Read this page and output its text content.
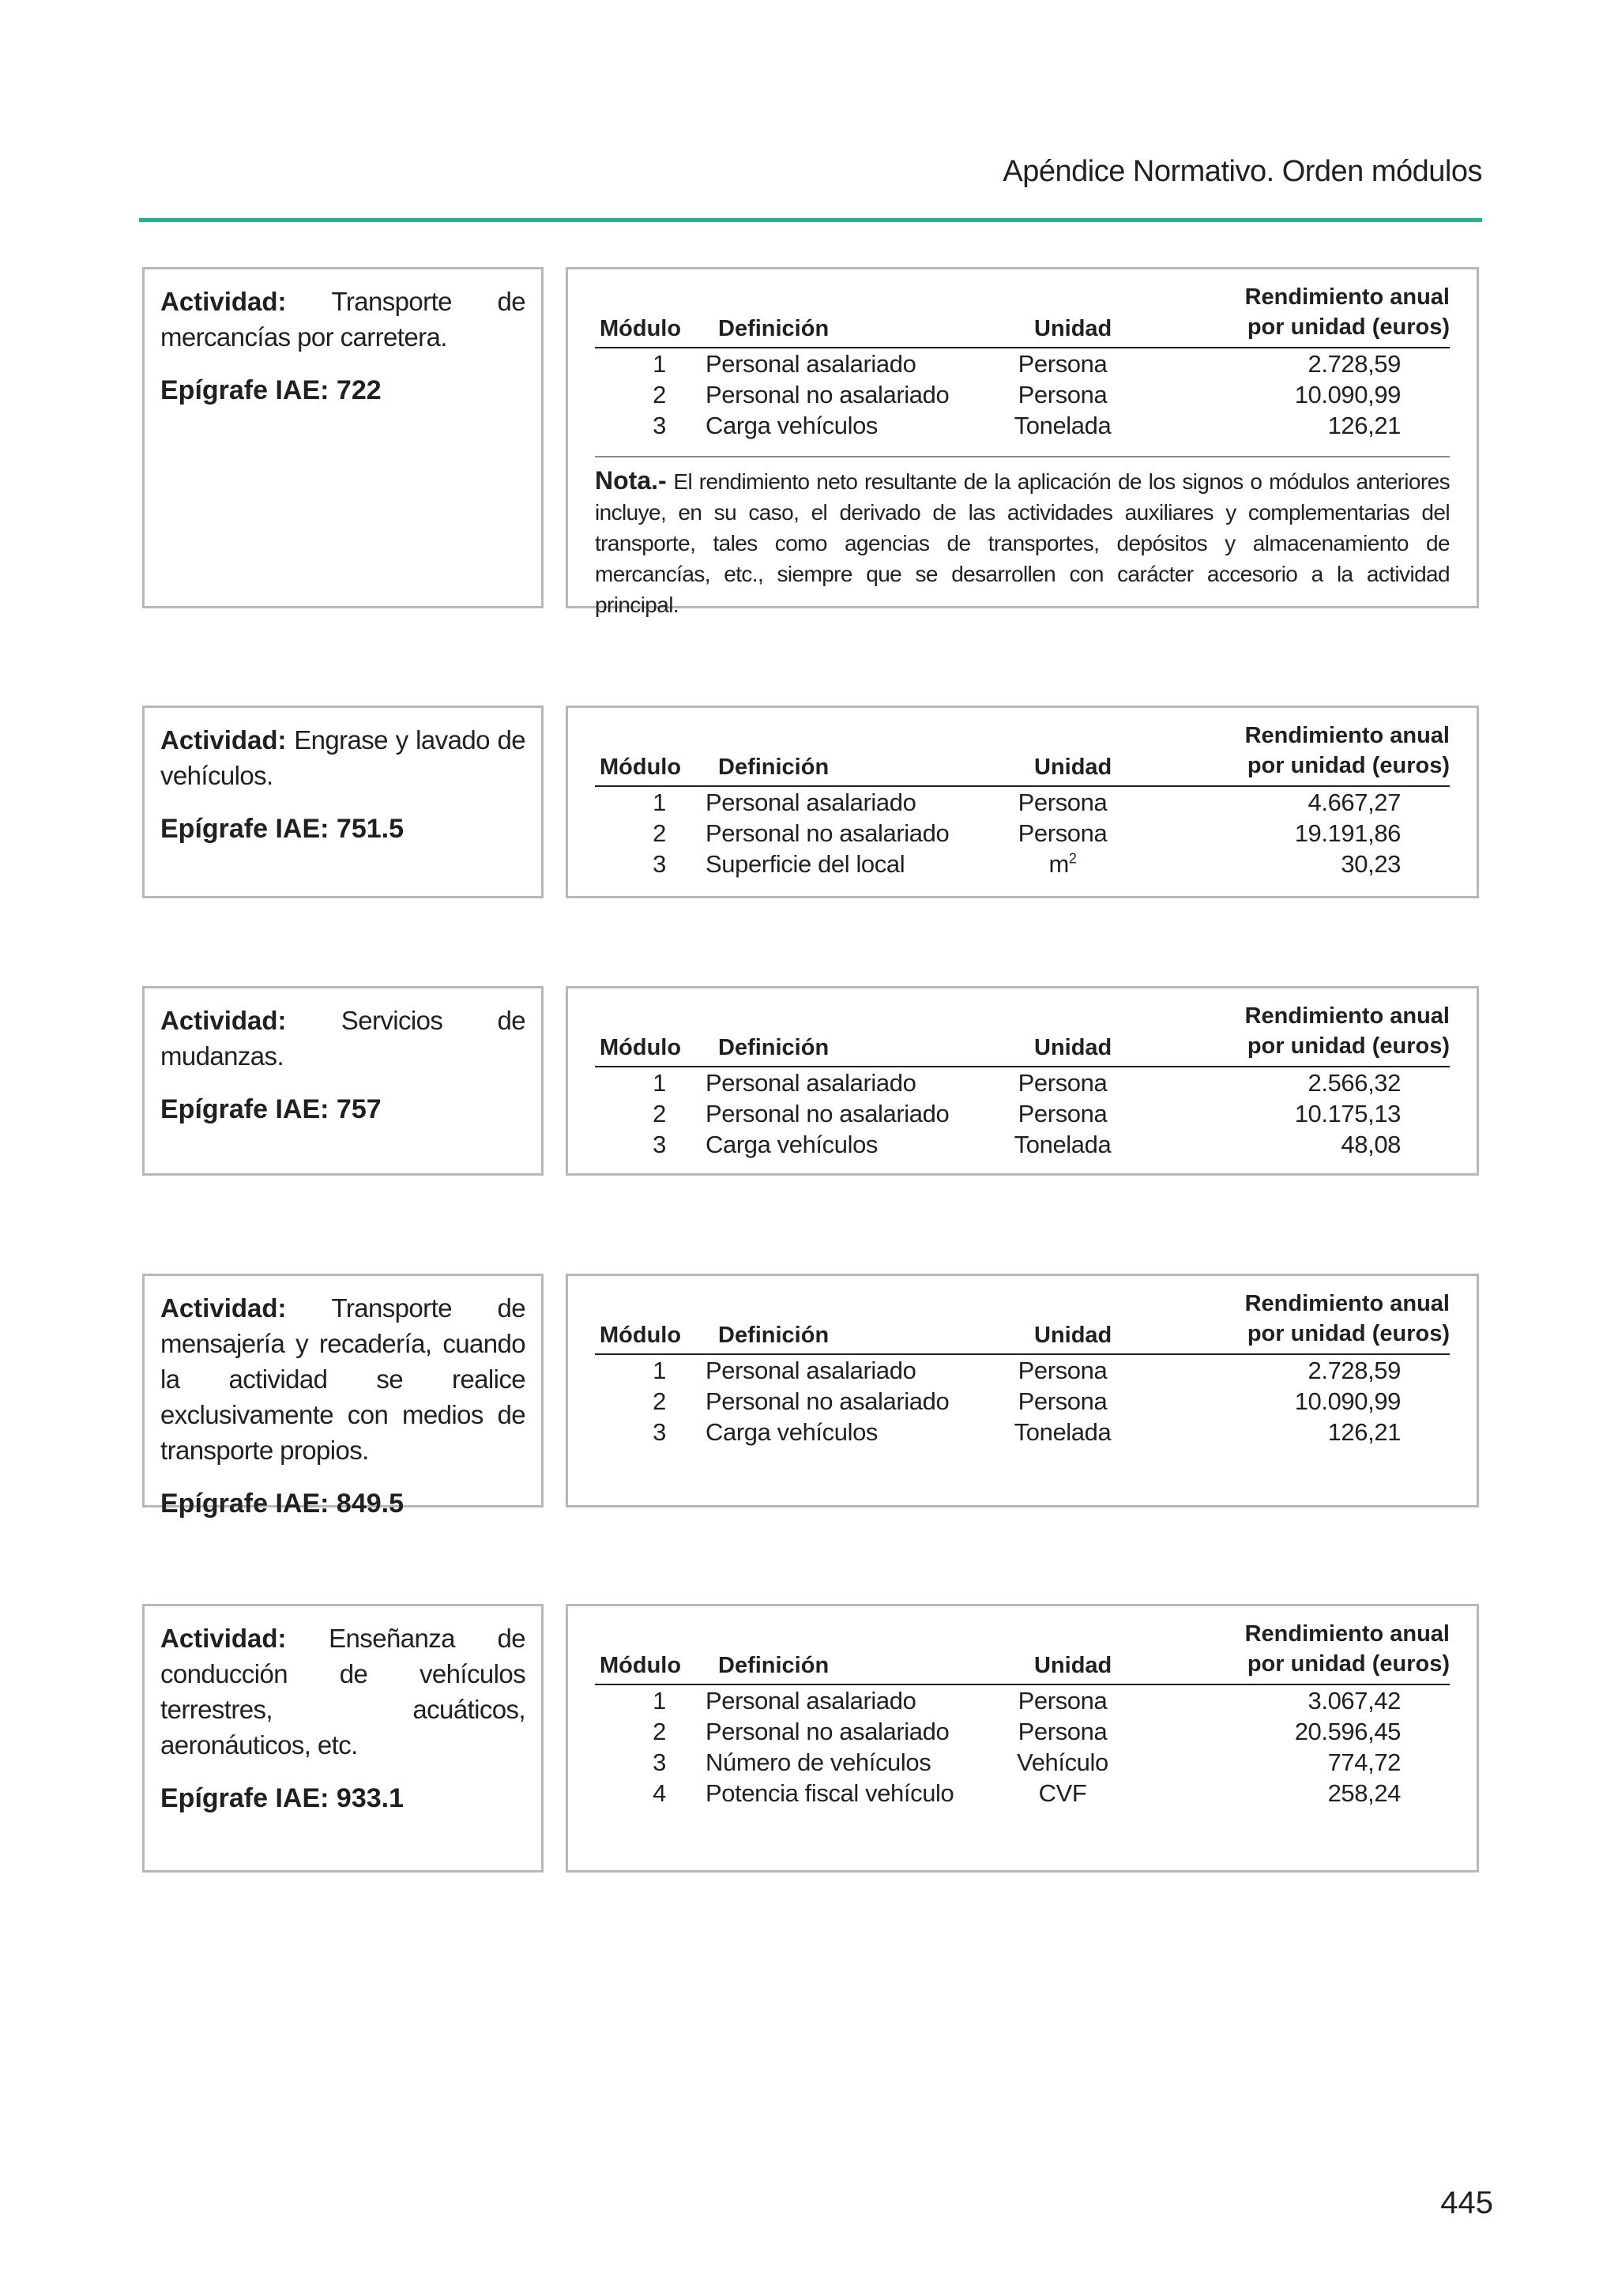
Apéndice Normativo. Orden módulos

Actividad: Transporte de mercancías por carretera.

Epígrafe IAE: 722
Módulo Definición	Unidad
Rendimiento anual
por unidad (euros)
1 Personal asalariado	Persona	2.728,59
2 Personal no asalariado	Persona	10.090,99
3 Carga vehículos	Tonelada	126,21
Nota.- El rendimiento neto resultante de la aplicación de los signos o módulos anteriores incluye, en su caso, el derivado de las actividades auxiliares y complementarias del transporte, tales como agencias de transportes, depósitos y almacenamiento de mercancías, etc., siempre que se desarrollen con carácter accesorio a la actividad principal.

Actividad: Engrase y lavado de vehículos.

Epígrafe IAE: 751.5
Módulo Definición	Unidad
Rendimiento anual
por unidad (euros)
1 Personal asalariado	Persona	4.667,27
2 Personal no asalariado	Persona	19.191,86
3 Superficie del local	$m^2$	30,23

Actividad: Servicios de mudanzas.

Epígrafe IAE: 757
Módulo Definición	Unidad
Rendimiento anual
por unidad (euros)
1 Personal asalariado	Persona	2.566,32
2 Personal no asalariado	Persona	10.175,13
3 Carga vehículos	Tonelada	48,08

Actividad: Transporte de mensajería y recadería, cuando la actividad se realice exclusivamente con medios de transporte propios.

Epígrafe IAE: 849.5
Módulo Definición	Unidad
Rendimiento anual
por unidad (euros)
1 Personal asalariado	Persona	2.728,59
2 Personal no asalariado	Persona	10.090,99
3 Carga vehículos	Tonelada	126,21

Actividad: Enseñanza de conducción de vehículos terrestres, acuáticos, aeronáuticos, etc.

Epígrafe IAE: 933.1
Módulo Definición	Unidad
Rendimiento anual
por unidad (euros)
1 Personal asalariado	Persona	3.067,42
2 Personal no asalariado	Persona	20.596,45
3 Número de vehículos	Vehículo	774,72
4 Potencia fiscal vehículo	CVF	258,24
445
